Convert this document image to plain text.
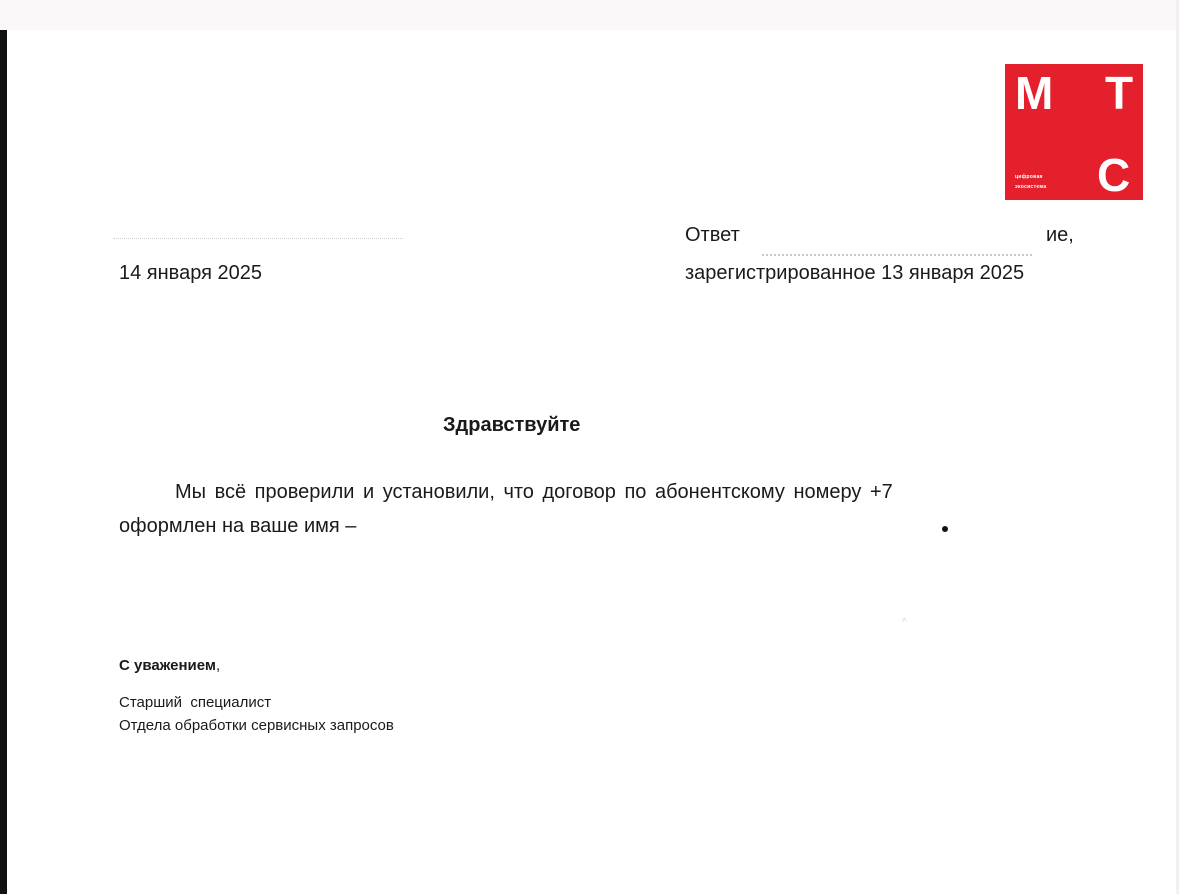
М Т
С
цифровая
экосистема
14 января 2025
Ответ	ие,
зарегистрированное 13 января 2025
Здравствуйте
Мы всё проверили и установили, что договор по абонентскому номеру +7
оформлен на ваше имя –
^
С уважением,
Старший  специалист
Отдела обработки сервисных запросов
